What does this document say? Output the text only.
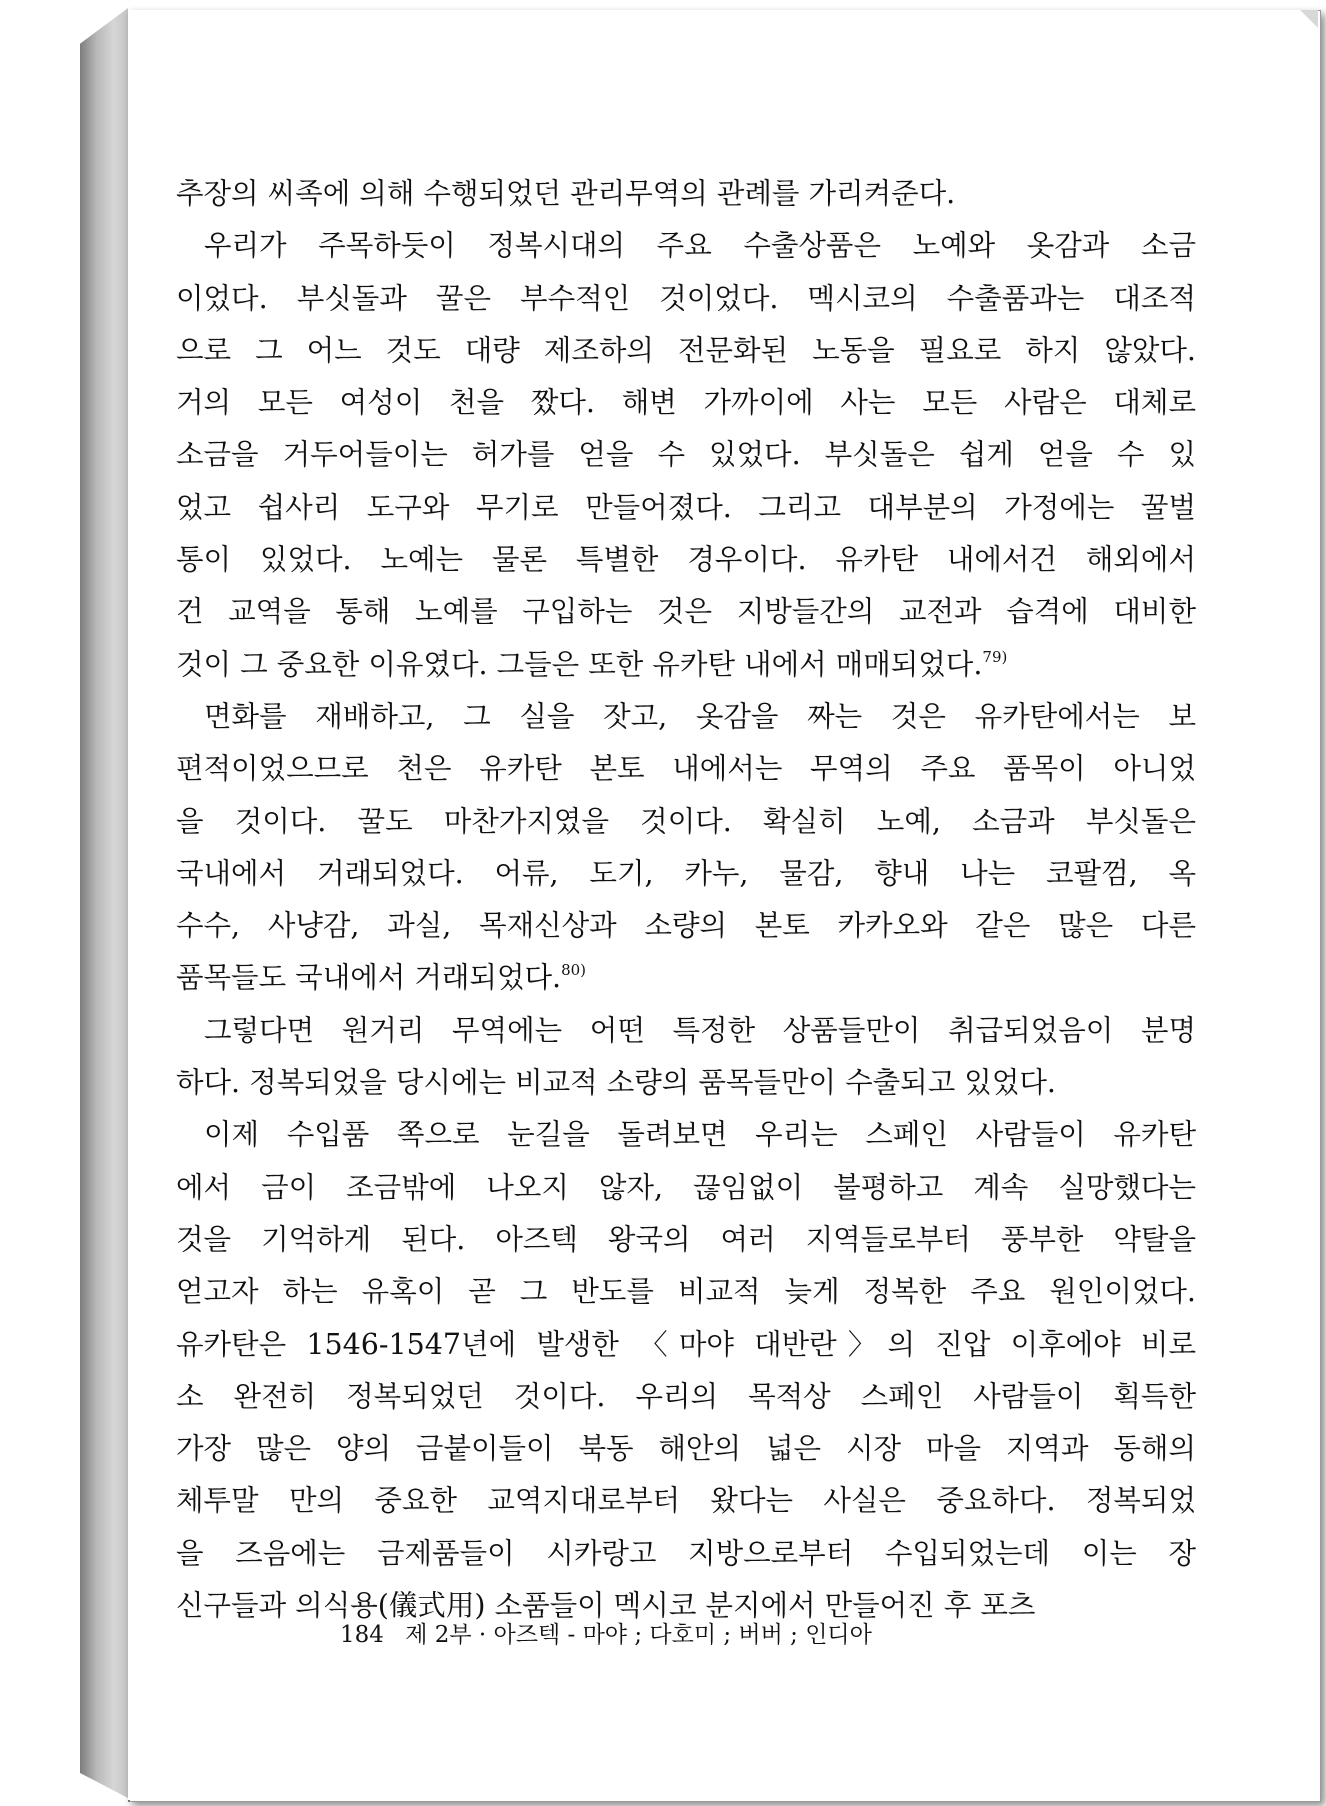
추장의 씨족에 의해 수행되었던 관리무역의 관례를 가리켜준다.
우리가 주목하듯이 정복시대의 주요 수출상품은 노예와 옷감과 소금
이었다. 부싯돌과 꿀은 부수적인 것이었다. 멕시코의 수출품과는 대조적
으로 그 어느 것도 대량 제조하의 전문화된 노동을 필요로 하지 않았다.
거의 모든 여성이 천을 짰다. 해변 가까이에 사는 모든 사람은 대체로
소금을 거두어들이는 허가를 얻을 수 있었다. 부싯돌은 쉽게 얻을 수 있
었고 쉽사리 도구와 무기로 만들어졌다. 그리고 대부분의 가정에는 꿀벌
통이 있었다. 노예는 물론 특별한 경우이다. 유카탄 내에서건 해외에서
건 교역을 통해 노예를 구입하는 것은 지방들간의 교전과 습격에 대비한
것이 그 중요한 이유였다. 그들은 또한 유카탄 내에서 매매되었다.$^{79)}$
면화를 재배하고, 그 실을 잣고, 옷감을 짜는 것은 유카탄에서는 보
편적이었으므로 천은 유카탄 본토 내에서는 무역의 주요 품목이 아니었
을 것이다. 꿀도 마찬가지였을 것이다. 확실히 노예, 소금과 부싯돌은
국내에서 거래되었다. 어류, 도기, 카누, 물감, 향내 나는 코팔껌, 옥
수수, 사냥감, 과실, 목재신상과 소량의 본토 카카오와 같은 많은 다른
품목들도 국내에서 거래되었다.$^{80)}$
그렇다면 원거리 무역에는 어떤 특정한 상품들만이 취급되었음이 분명
하다. 정복되었을 당시에는 비교적 소량의 품목들만이 수출되고 있었다.
이제 수입품 쪽으로 눈길을 돌려보면 우리는 스페인 사람들이 유카탄
에서 금이 조금밖에 나오지 않자, 끊임없이 불평하고 계속 실망했다는
것을 기억하게 된다. 아즈텍 왕국의 여러 지역들로부터 풍부한 약탈을
얻고자 하는 유혹이 곧 그 반도를 비교적 늦게 정복한 주요 원인이었다.
유카탄은 1546-1547년에 발생한 〈마야 대반란〉의 진압 이후에야 비로
소 완전히 정복되었던 것이다. 우리의 목적상 스페인 사람들이 획득한
가장 많은 양의 금붙이들이 북동 해안의 넓은 시장 마을 지역과 동해의
체투말 만의 중요한 교역지대로부터 왔다는 사실은 중요하다. 정복되었
을 즈음에는 금제품들이 시카랑고 지방으로부터 수입되었는데 이는 장
신구들과 의식용(儀式用) 소품들이 멕시코 분지에서 만들어진 후 포츠
184 제 2부 · 아즈텍 - 마야 ; 다호미 ; 버버 ; 인디아
